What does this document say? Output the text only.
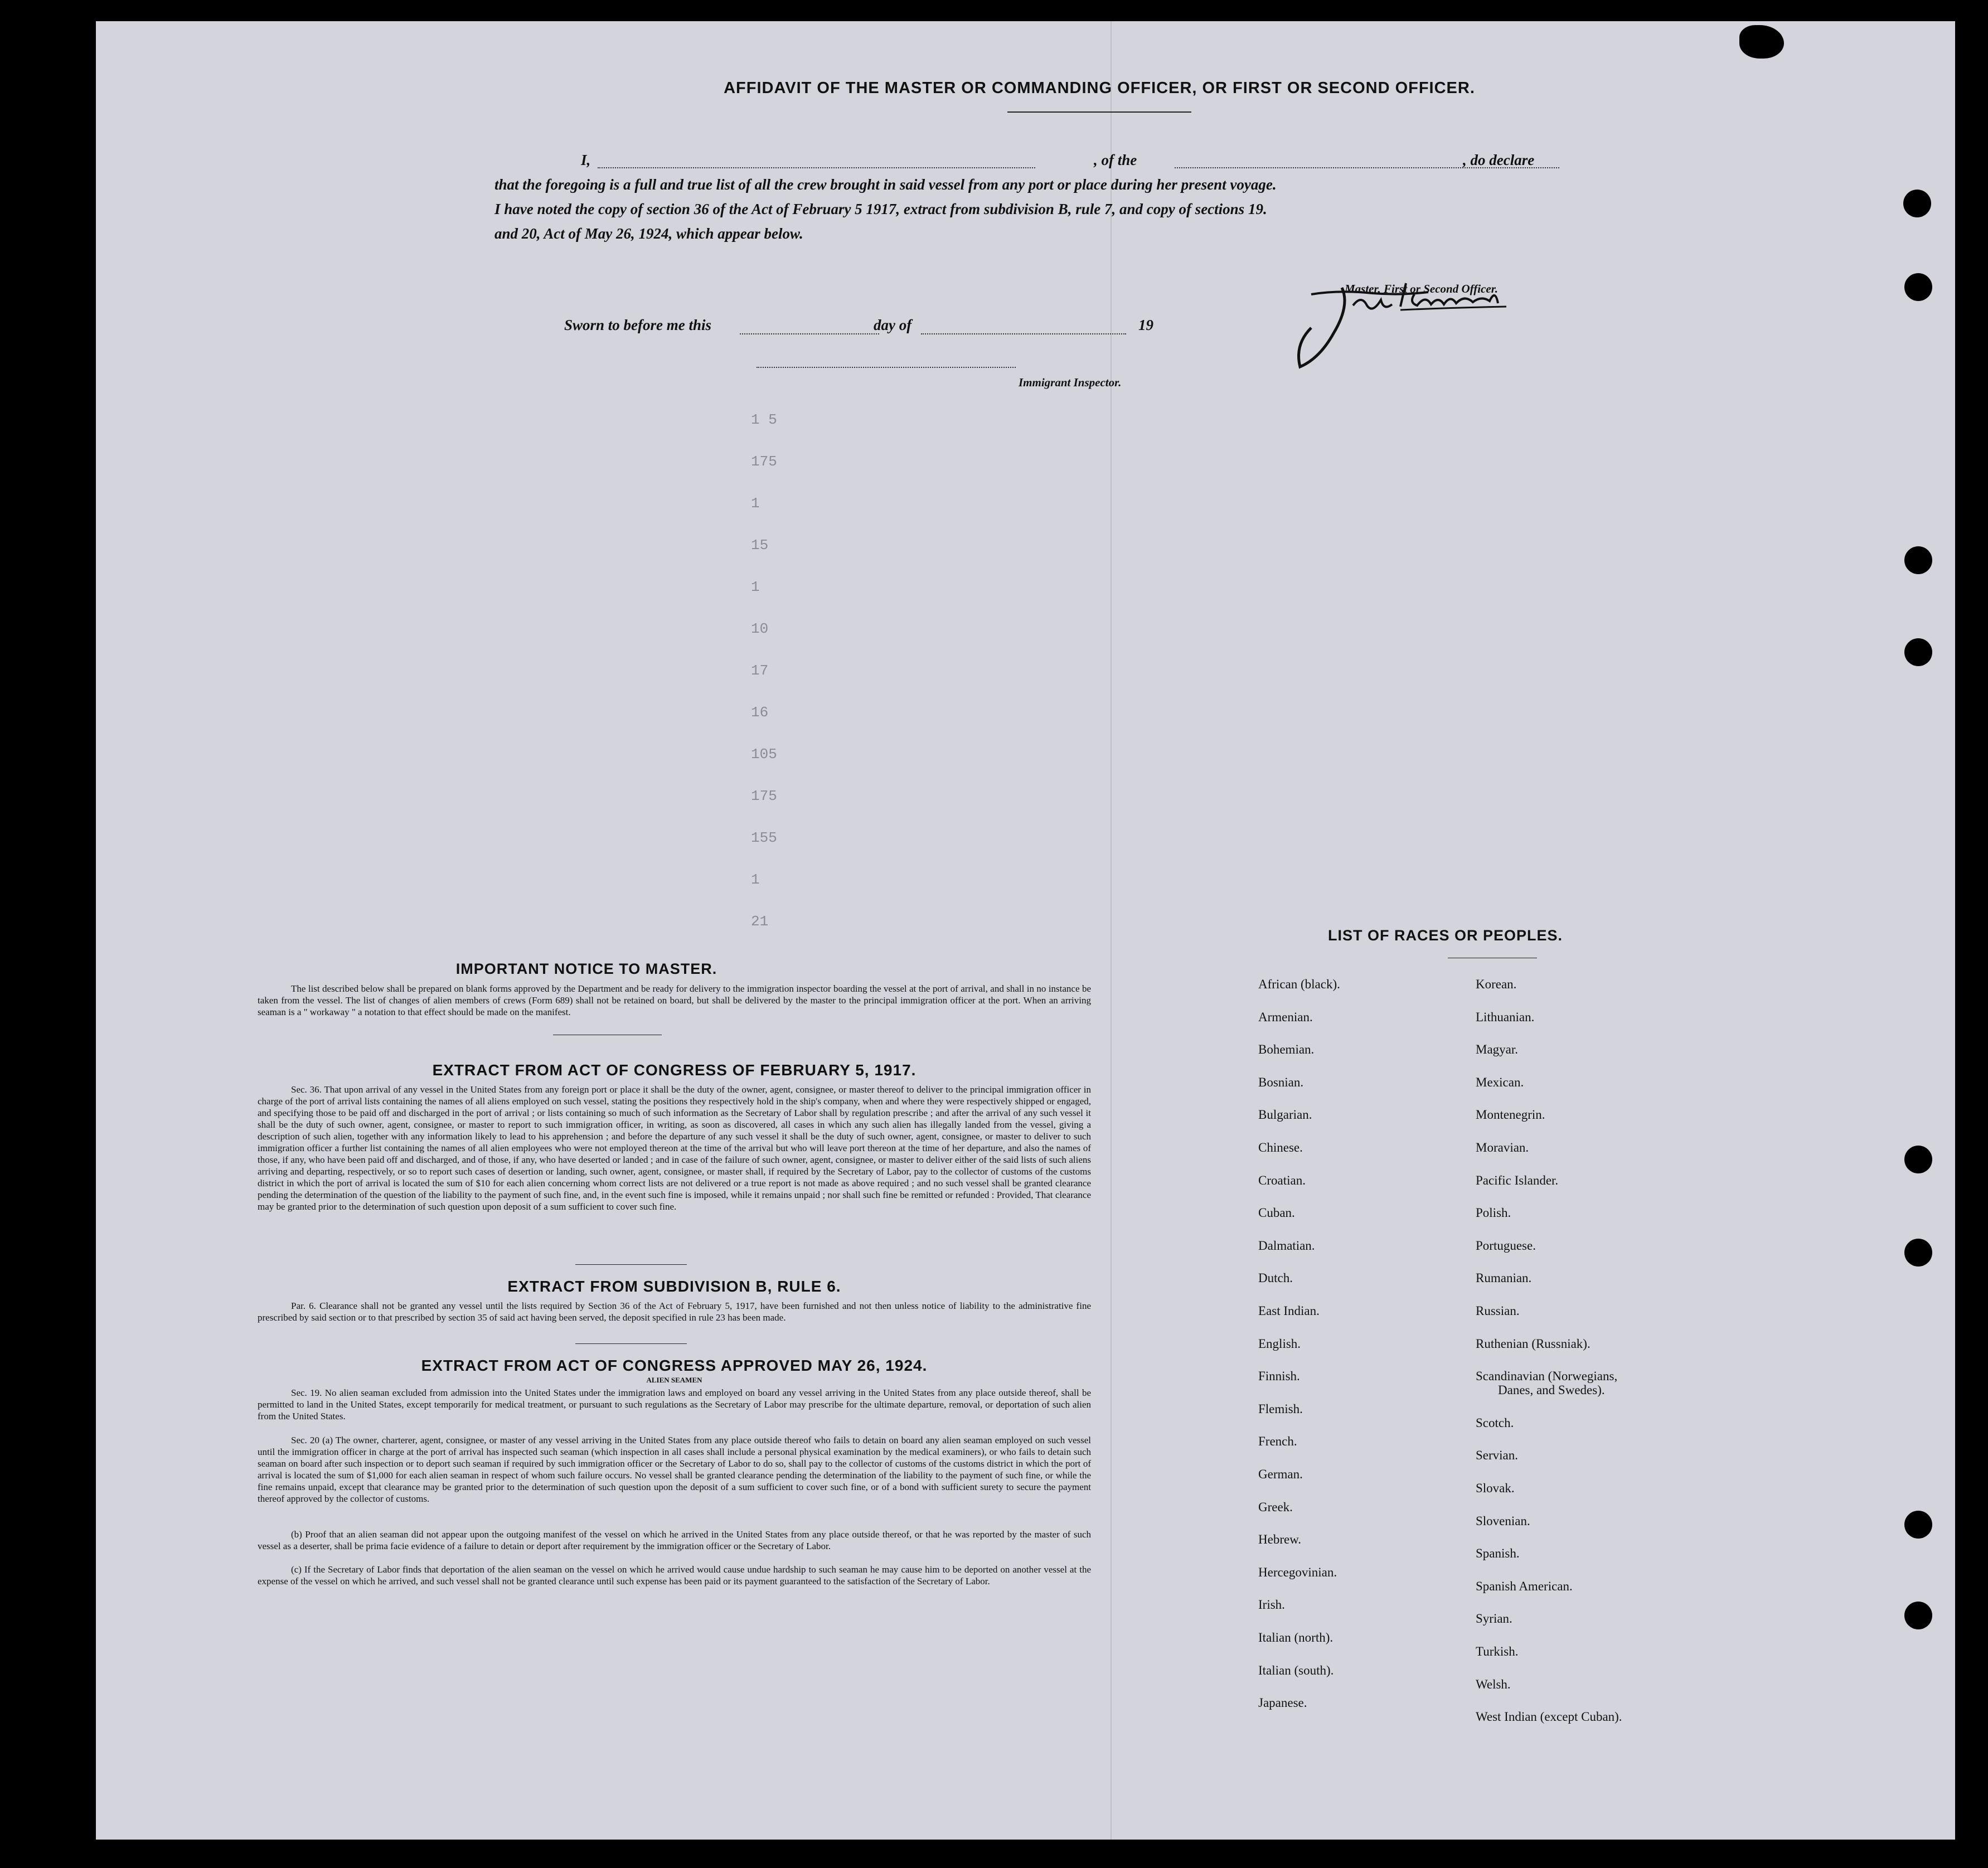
AFFIDAVIT OF THE MASTER OR COMMANDING OFFICER, OR FIRST OR SECOND OFFICER.
I,	, of the	, do declare
that the foregoing is a full and true list of all the crew brought in said vessel from any port or place during her present voyage.
I have noted the copy of section 36 of the Act of February 5 1917, extract from subdivision B, rule 7, and copy of sections 19.
and 20, Act of May 26, 1924, which appear below.
Master, First or Second Officer.
Sworn to before me this	day of	19
Immigrant Inspector.
1 5
175
1
15
1
10
17
16
105
175
155
1
21
IMPORTANT NOTICE TO MASTER.
The list described below shall be prepared on blank forms approved by the Department and be ready for delivery to the immigration inspector boarding the vessel at the port of arrival, and shall in no instance be taken from the vessel. The list of changes of alien members of crews (Form 689) shall not be retained on board, but shall be delivered by the master to the principal immigration officer at the port. When an arriving seaman is a " workaway " a notation to that effect should be made on the manifest.
EXTRACT FROM ACT OF CONGRESS OF FEBRUARY 5, 1917.
Sec. 36. That upon arrival of any vessel in the United States from any foreign port or place it shall be the duty of the owner, agent, consignee, or master thereof to deliver to the principal immigration officer in charge of the port of arrival lists containing the names of all aliens employed on such vessel, stating the positions they respectively hold in the ship's company, when and where they were respectively shipped or engaged, and specifying those to be paid off and discharged in the port of arrival ; or lists containing so much of such information as the Secretary of Labor shall by regulation prescribe ; and after the arrival of any such vessel it shall be the duty of such owner, agent, consignee, or master to report to such immigration officer, in writing, as soon as discovered, all cases in which any such alien has illegally landed from the vessel, giving a description of such alien, together with any information likely to lead to his apprehension ; and before the departure of any such vessel it shall be the duty of such owner, agent, consignee, or master to deliver to such immigration officer a further list containing the names of all alien employees who were not employed thereon at the time of the arrival but who will leave port thereon at the time of her departure, and also the names of those, if any, who have been paid off and discharged, and of those, if any, who have deserted or landed ; and in case of the failure of such owner, agent, consignee, or master to deliver either of the said lists of such aliens arriving and departing, respectively, or so to report such cases of desertion or landing, such owner, agent, consignee, or master shall, if required by the Secretary of Labor, pay to the collector of customs of the customs district in which the port of arrival is located the sum of $10 for each alien concerning whom correct lists are not delivered or a true report is not made as above required ; and no such vessel shall be granted clearance pending the determination of the question of the liability to the payment of such fine, and, in the event such fine is imposed, while it remains unpaid ; nor shall such fine be remitted or refunded : Provided, That clearance may be granted prior to the determination of such question upon deposit of a sum sufficient to cover such fine.
EXTRACT FROM SUBDIVISION B, RULE 6.
Par. 6. Clearance shall not be granted any vessel until the lists required by Section 36 of the Act of February 5, 1917, have been furnished and not then unless notice of liability to the administrative fine prescribed by said section or to that prescribed by section 35 of said act having been served, the deposit specified in rule 23 has been made.
EXTRACT FROM ACT OF CONGRESS APPROVED MAY 26, 1924.
ALIEN SEAMEN
Sec. 19. No alien seaman excluded from admission into the United States under the immigration laws and employed on board any vessel arriving in the United States from any place outside thereof, shall be permitted to land in the United States, except temporarily for medical treatment, or pursuant to such regulations as the Secretary of Labor may prescribe for the ultimate departure, removal, or deportation of such alien from the United States.
Sec. 20 (a) The owner, charterer, agent, consignee, or master of any vessel arriving in the United States from any place outside thereof who fails to detain on board any alien seaman employed on such vessel until the immigration officer in charge at the port of arrival has inspected such seaman (which inspection in all cases shall include a personal physical examination by the medical examiners), or who fails to detain such seaman on board after such inspection or to deport such seaman if required by such immigration officer or the Secretary of Labor to do so, shall pay to the collector of customs of the customs district in which the port of arrival is located the sum of $1,000 for each alien seaman in respect of whom such failure occurs. No vessel shall be granted clearance pending the determination of the liability to the payment of such fine, or while the fine remains unpaid, except that clearance may be granted prior to the determination of such question upon the deposit of a sum sufficient to cover such fine, or of a bond with sufficient surety to secure the payment thereof approved by the collector of customs.
(b) Proof that an alien seaman did not appear upon the outgoing manifest of the vessel on which he arrived in the United States from any place outside thereof, or that he was reported by the master of such vessel as a deserter, shall be prima facie evidence of a failure to detain or deport after requirement by the immigration officer or the Secretary of Labor.
(c) If the Secretary of Labor finds that deportation of the alien seaman on the vessel on which he arrived would cause undue hardship to such seaman he may cause him to be deported on another vessel at the expense of the vessel on which he arrived, and such vessel shall not be granted clearance until such expense has been paid or its payment guaranteed to the satisfaction of the Secretary of Labor.
LIST OF RACES OR PEOPLES.
African (black).
Armenian.
Bohemian.
Bosnian.
Bulgarian.
Chinese.
Croatian.
Cuban.
Dalmatian.
Dutch.
East Indian.
English.
Finnish.
Flemish.
French.
German.
Greek.
Hebrew.
Hercegovinian.
Irish.
Italian (north).
Italian (south).
Japanese.
Korean.
Lithuanian.
Magyar.
Mexican.
Montenegrin.
Moravian.
Pacific Islander.
Polish.
Portuguese.
Rumanian.
Russian.
Ruthenian (Russniak).
Scandinavian (Norwegians,
Danes, and Swedes).
Scotch.
Servian.
Slovak.
Slovenian.
Spanish.
Spanish American.
Syrian.
Turkish.
Welsh.
West Indian (except Cuban).
